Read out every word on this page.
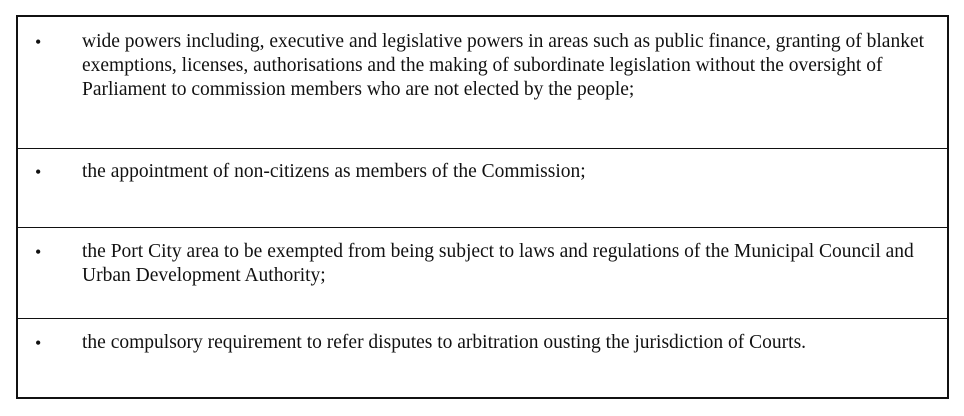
• wide powers including, executive and legislative powers in areas such as public finance, granting of blanket exemptions, licenses, authorisations and the making of subordinate legislation without the oversight of Parliament to commission members who are not elected by the people;
• the appointment of non-citizens as members of the Commission;
• the Port City area to be exempted from being subject to laws and regulations of the Municipal Council and Urban Development Authority;
• the compulsory requirement to refer disputes to arbitration ousting the jurisdiction of Courts.
